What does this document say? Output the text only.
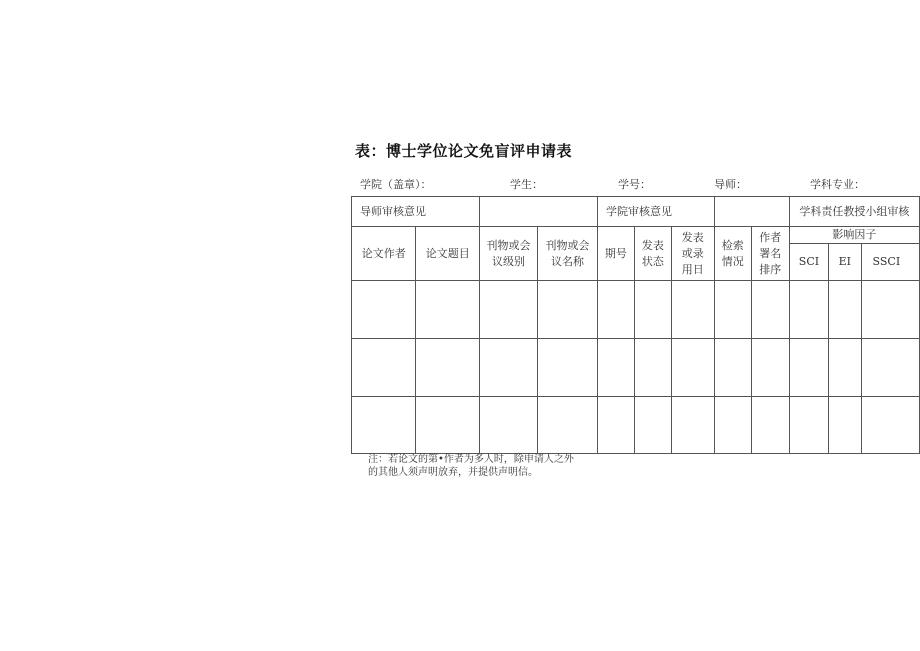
表：博士学位论文免盲评申请表
学院（盖章）：	学生：	学号：	导师：	学科专业：
导师审核意见				学院审核意见					学科责任教授小组审核		
论文作者	论文题目	刊物或会议级别	刊物或会议名称	期号	发表状态	发表或录用日	检索情况	作者署名排序	影响因子		
									SCI	EI	SSCI

注：若论文的第•作者为多人时，除申请人之外的其他人须声明放弃，并提供声明信。
